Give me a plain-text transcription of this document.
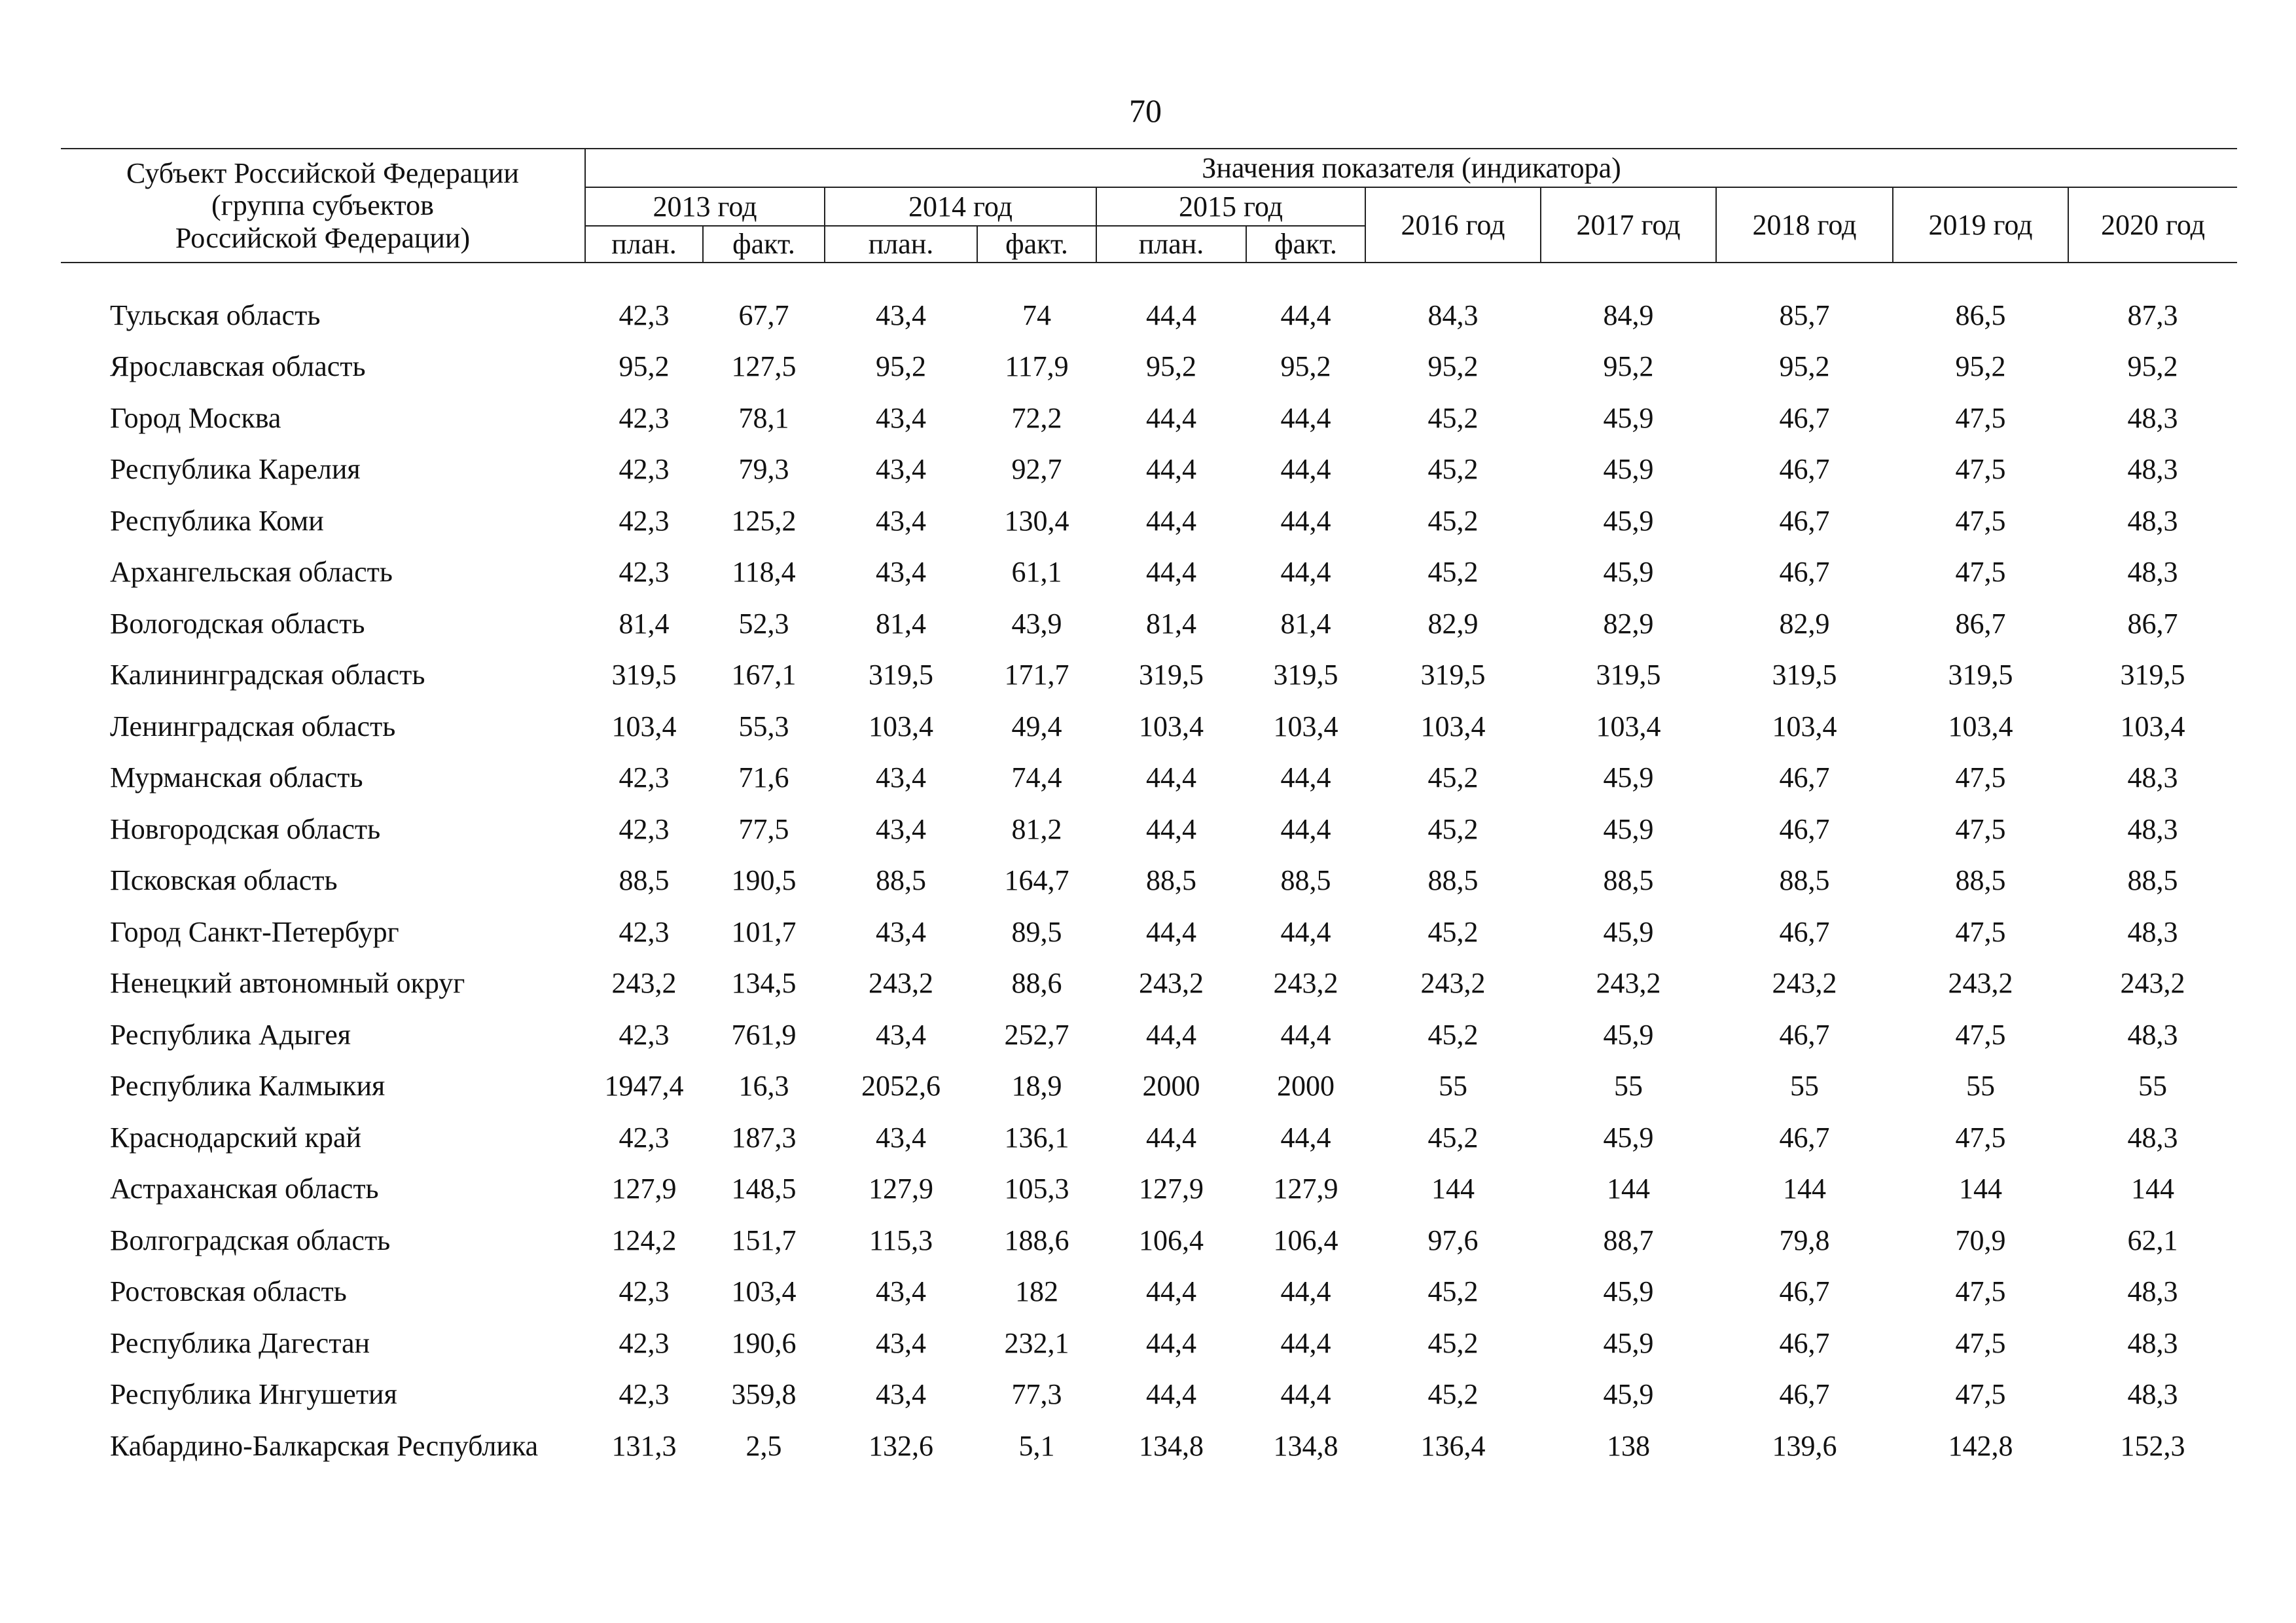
70
Субъект Российской Федерации
(группа субъектов
Российской Федерации)	Значения показателя (индикатора)										
	2013 год		2014 год		2015 год		2016 год	2017 год	2018 год	2019 год	2020 год
	план.	факт.	план.	факт.	план.	факт.					

Тульская область	42,3	67,7	43,4	74	44,4	44,4	84,3	84,9	85,7	86,5	87,3
Ярославская область	95,2	127,5	95,2	117,9	95,2	95,2	95,2	95,2	95,2	95,2	95,2
Город Москва	42,3	78,1	43,4	72,2	44,4	44,4	45,2	45,9	46,7	47,5	48,3
Республика Карелия	42,3	79,3	43,4	92,7	44,4	44,4	45,2	45,9	46,7	47,5	48,3
Республика Коми	42,3	125,2	43,4	130,4	44,4	44,4	45,2	45,9	46,7	47,5	48,3
Архангельская область	42,3	118,4	43,4	61,1	44,4	44,4	45,2	45,9	46,7	47,5	48,3
Вологодская область	81,4	52,3	81,4	43,9	81,4	81,4	82,9	82,9	82,9	86,7	86,7
Калининградская область	319,5	167,1	319,5	171,7	319,5	319,5	319,5	319,5	319,5	319,5	319,5
Ленинградская область	103,4	55,3	103,4	49,4	103,4	103,4	103,4	103,4	103,4	103,4	103,4
Мурманская область	42,3	71,6	43,4	74,4	44,4	44,4	45,2	45,9	46,7	47,5	48,3
Новгородская область	42,3	77,5	43,4	81,2	44,4	44,4	45,2	45,9	46,7	47,5	48,3
Псковская область	88,5	190,5	88,5	164,7	88,5	88,5	88,5	88,5	88,5	88,5	88,5
Город Санкт-Петербург	42,3	101,7	43,4	89,5	44,4	44,4	45,2	45,9	46,7	47,5	48,3
Ненецкий автономный округ	243,2	134,5	243,2	88,6	243,2	243,2	243,2	243,2	243,2	243,2	243,2
Республика Адыгея	42,3	761,9	43,4	252,7	44,4	44,4	45,2	45,9	46,7	47,5	48,3
Республика Калмыкия	1947,4	16,3	2052,6	18,9	2000	2000	55	55	55	55	55
Краснодарский край	42,3	187,3	43,4	136,1	44,4	44,4	45,2	45,9	46,7	47,5	48,3
Астраханская область	127,9	148,5	127,9	105,3	127,9	127,9	144	144	144	144	144
Волгоградская область	124,2	151,7	115,3	188,6	106,4	106,4	97,6	88,7	79,8	70,9	62,1
Ростовская область	42,3	103,4	43,4	182	44,4	44,4	45,2	45,9	46,7	47,5	48,3
Республика Дагестан	42,3	190,6	43,4	232,1	44,4	44,4	45,2	45,9	46,7	47,5	48,3
Республика Ингушетия	42,3	359,8	43,4	77,3	44,4	44,4	45,2	45,9	46,7	47,5	48,3
Кабардино-Балкарская Республика	131,3	2,5	132,6	5,1	134,8	134,8	136,4	138	139,6	142,8	152,3
